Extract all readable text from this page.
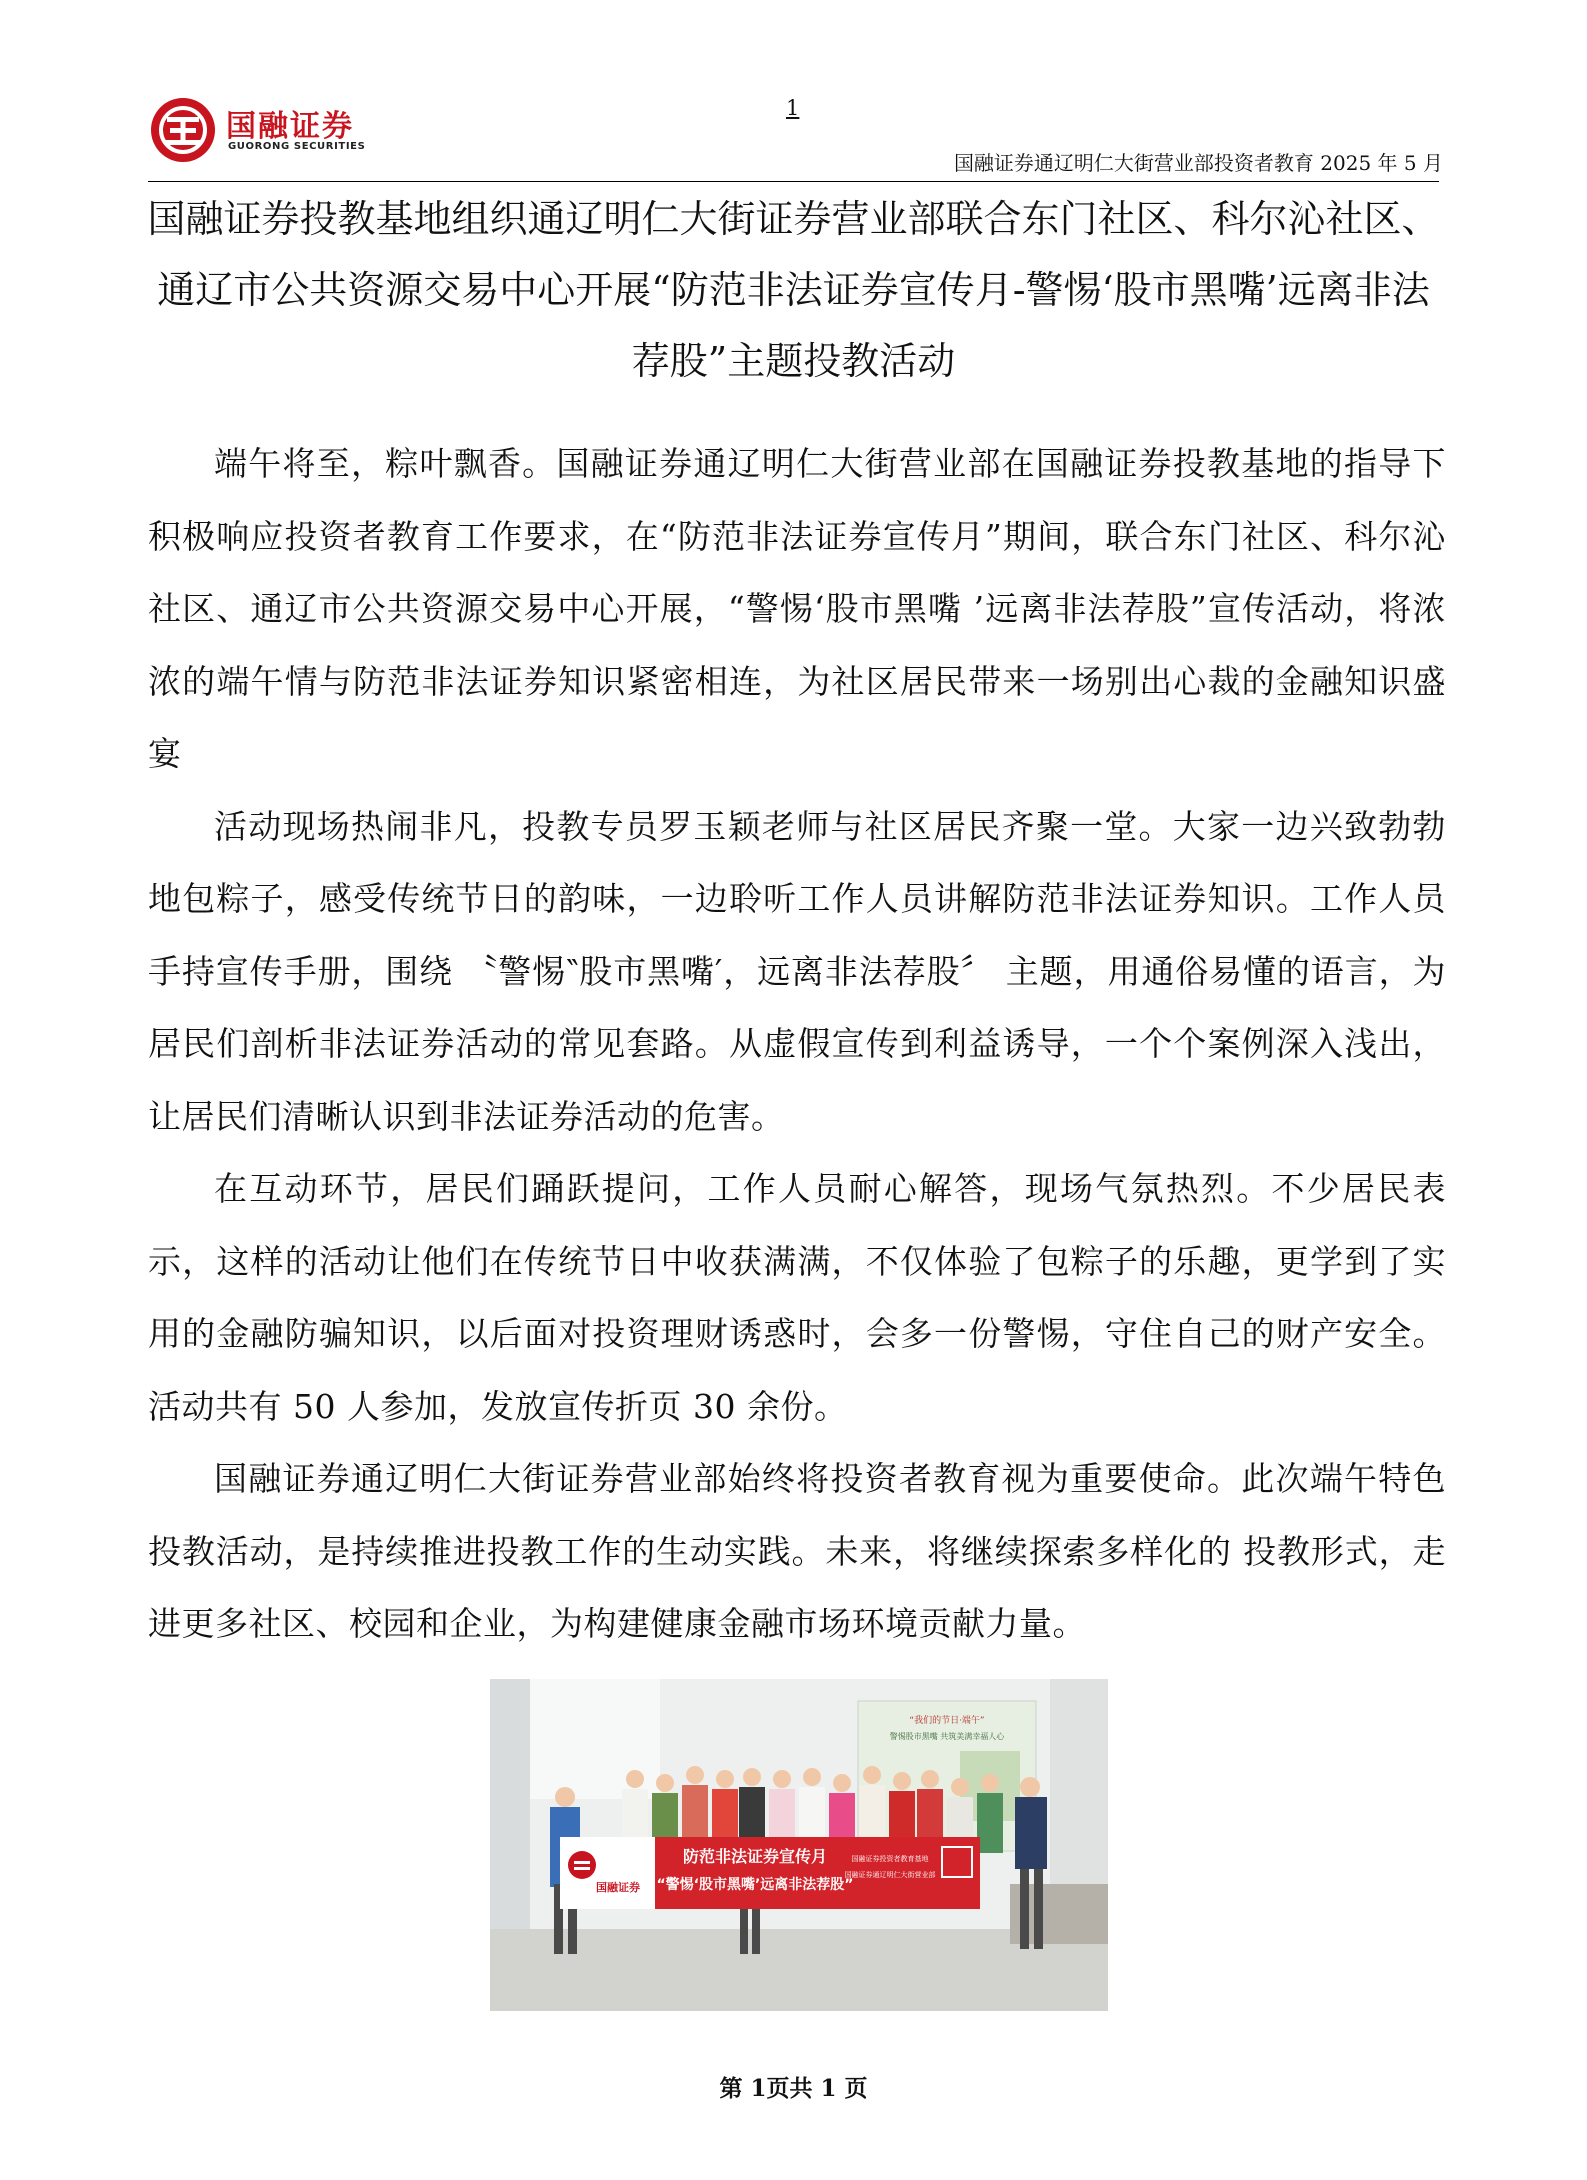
国融证券
GUORONG SECURITIES
1
国融证券通辽明仁大街营业部投资者教育 2025 年 5 月
国融证券投教基地组织通辽明仁大街证券营业部联合东门社区、科尔沁社区、通辽市公共资源交易中心开展“防范非法证券宣传月-警惕‘股市黑嘴’远离非法荐股”主题投教活动

端午将至，粽叶飘香。国融证券通辽明仁大街营业部在国融证券投教基地的指导下积极响应投资者教育工作要求，在“防范非法证券宣传月”期间，联合东门社区、科尔沁社区、通辽市公共资源交易中心开展，“警惕‘股市黑嘴 ’远离非法荐股”宣传活动，将浓浓的端午情与防范非法证券知识紧密相连，为社区居民带来一场别出心裁的金融知识盛宴

活动现场热闹非凡，投教专员罗玉颖老师与社区居民齐聚一堂。大家一边兴致勃勃地包粽子，感受传统节日的韵味，一边聆听工作人员讲解防范非法证券知识。工作人员手持宣传手册，围绕 〝警惕‶股市黑嘴′，远离非法荐股〞 主题，用通俗易懂的语言，为居民们剖析非法证券活动的常见套路。从虚假宣传到利益诱导，一个个案例深入浅出，让居民们清晰认识到非法证券活动的危害。

在互动环节，居民们踊跃提问，工作人员耐心解答，现场气氛热烈。不少居民表示，这样的活动让他们在传统节日中收获满满，不仅体验了包粽子的乐趣，更学到了实用的金融防骗知识，以后面对投资理财诱惑时，会多一份警惕，守住自己的财产安全。活动共有 50 人参加，发放宣传折页 30 余份。

国融证券通辽明仁大街证券营业部始终将投资者教育视为重要使命。此次端午特色投教活动，是持续推进投教工作的生动实践。未来，将继续探索多样化的 投教形式，走进更多社区、校园和企业，为构建健康金融市场环境贡献力量。

“我们的节日·端午”
警惕股市黑嘴 共筑美满幸福人心
国融证券
防范非法证券宣传月
“警惕‘股市黑嘴’远离非法荐股”
国融证券投资者教育基地
国融证券通辽明仁大街营业部
第 1页共 1 页
